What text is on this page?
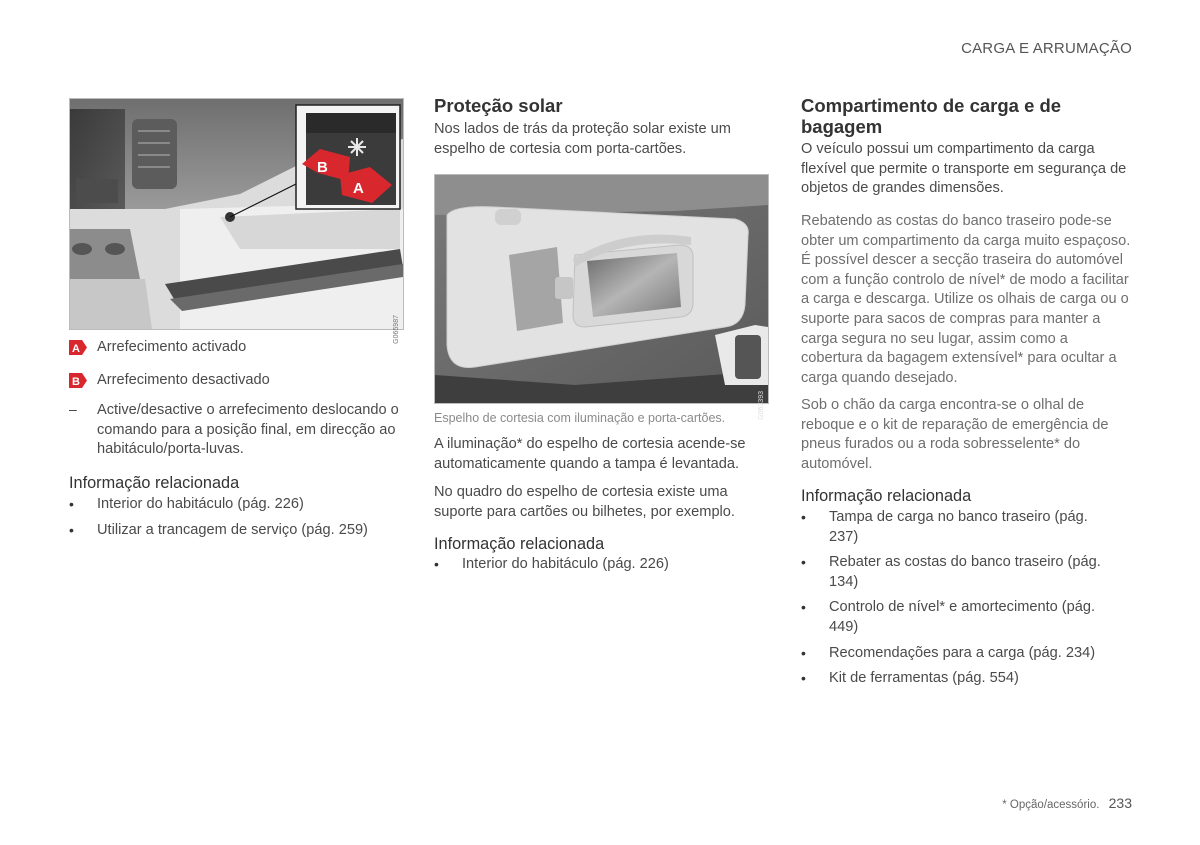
CARGA E ARRUMAÇÃO
B
A
G065987
A Arrefecimento activado

B Arrefecimento desactivado

– Active/desactive o arrefecimento deslocando o comando para a posição final, em direcção ao habitáculo/porta-luvas.

Informação relacionada
• Interior do habitáculo (pág. 226)
• Utilizar a trancagem de serviço (pág. 259)
Proteção solar

Nos lados de trás da proteção solar existe um espelho de cortesia com porta-cartões.

G063393
Espelho de cortesia com iluminação e porta-cartões.

A iluminação* do espelho de cortesia acende-se automaticamente quando a tampa é levantada.

No quadro do espelho de cortesia existe uma suporte para cartões ou bilhetes, por exemplo.

Informação relacionada
• Interior do habitáculo (pág. 226)
Compartimento de carga e de bagagem

O veículo possui um compartimento da carga flexível que permite o transporte em segurança de objetos de grandes dimensões.

Rebatendo as costas do banco traseiro pode-se obter um compartimento da carga muito espaçoso. É possível descer a secção traseira do automóvel com a função controlo de nível* de modo a facilitar a carga e descarga. Utilize os olhais de carga ou o suporte para sacos de compras para manter a carga segura no seu lugar, assim como a cobertura da bagagem extensível* para ocultar a carga quando desejado.

Sob o chão da carga encontra-se o olhal de reboque e o kit de reparação de emergência de pneus furados ou a roda sobresselente* do automóvel.

Informação relacionada
• Tampa de carga no banco traseiro (pág. 237)
• Rebater as costas do banco traseiro (pág. 134)
• Controlo de nível* e amortecimento (pág. 449)
• Recomendações para a carga (pág. 234)
• Kit de ferramentas (pág. 554)
* Opção/acessório. 233
